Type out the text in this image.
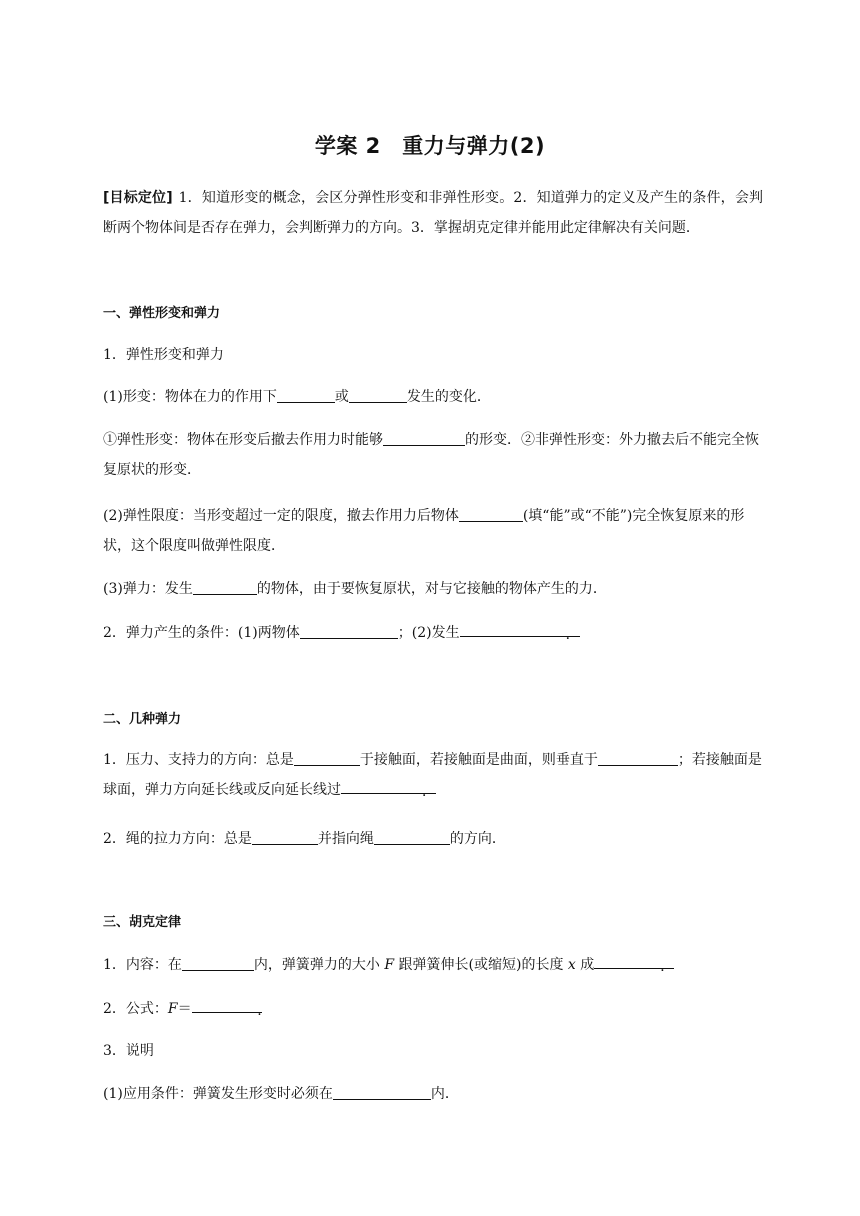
学案 2　重力与弹力(2)
[目标定位] 1．知道形变的概念，会区分弹性形变和非弹性形变。2．知道弹力的定义及产生的条件，会判断两个物体间是否存在弹力，会判断弹力的方向。3．掌握胡克定律并能用此定律解决有关问题．
一、弹性形变和弹力
1．弹性形变和弹力
(1)形变：物体在力的作用下	或	发生的变化．
①弹性形变：物体在形变后撤去作用力时能够	的形变．②非弹性形变：外力撤去后不能完全恢复原状的形变．
(2)弹性限度：当形变超过一定的限度，撤去作用力后物体	(填“能”或“不能”)完全恢复原来的形状，这个限度叫做弹性限度．
(3)弹力：发生	的物体，由于要恢复原状，对与它接触的物体产生的力．
2．弹力产生的条件：(1)两物体	；(2)发生	．
二、几种弹力
1．压力、支持力的方向：总是	于接触面，若接触面是曲面，则垂直于	；若接触面是球面，弹力方向延长线或反向延长线过	．
2．绳的拉力方向：总是	并指向绳	的方向．
三、胡克定律
1．内容：在	内，弹簧弹力的大小 F 跟弹簧伸长(或缩短)的长度 x 成	．
2．公式：F＝	.
3．说明
(1)应用条件：弹簧发生形变时必须在	内．
